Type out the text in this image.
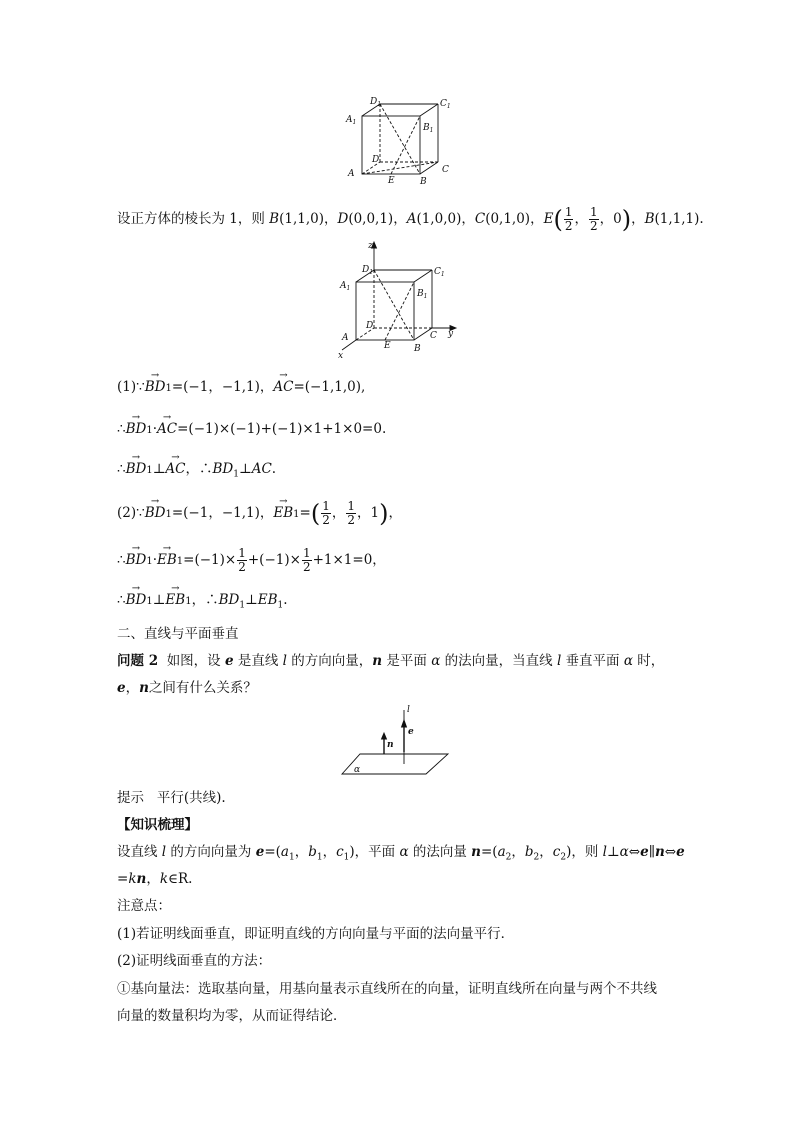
$D_1$	$C_1$
$A_1$
$B_1$
D
A
E	B
C
设正方体的棱长为 1，则 B(1,1,0)，D(0,0,1)，A(1,0,0)，C(0,1,0)，$E( \frac{1}{2}$ ， $\frac{1}{2}$ ，0)，B(1,1,1).
z
y
x
$D_1$	$C_1$
$A_1$
$B_1$
D
A
E	B
C
(1)∵→ BD1=(−1，−1,1)，→ AC=(−1,1,0),
∴→ BD1·→ AC=(−1)×(−1)+(−1)×1+1×0=0.
∴→ BD1⊥→ AC，$\therefore BD_1\perp AC$.
(2)∵→ BD1=(−1，−1,1)，→ $EB1=( \frac{1}{2}$ ， $\frac{1}{2}$ ，1)，
∴→ $BD1\cdot\to EB1=(-1)\times \frac{1}{2} +(-1)\times \frac{1}{2} +1\times 1=0$，
∴→ BD1⊥→ EB1，$\therefore BD_1\perp EB_1$.
二、直线与平面垂直
问题 2 如图，设 e 是直线 l 的方向向量，n 是平面 α 的法向量，当直线 l 垂直平面 α 时，
e，n之间有什么关系？
l
e
n
α
提示 平行(共线).
【知识梳理】
设直线 l 的方向向量为 $e=(a_1$，$b_1$，$c_1$)，平面 α 的法向量 $n=(a_2$，$b_2$，$c_2$)，则 l⊥α⇔e∥n⇔e
=kn，k∈R.
注意点：
(1)若证明线面垂直，即证明直线的方向向量与平面的法向量平行．
(2)证明线面垂直的方法：
①基向量法：选取基向量，用基向量表示直线所在的向量，证明直线所在向量与两个不共线
向量的数量积均为零，从而证得结论．
